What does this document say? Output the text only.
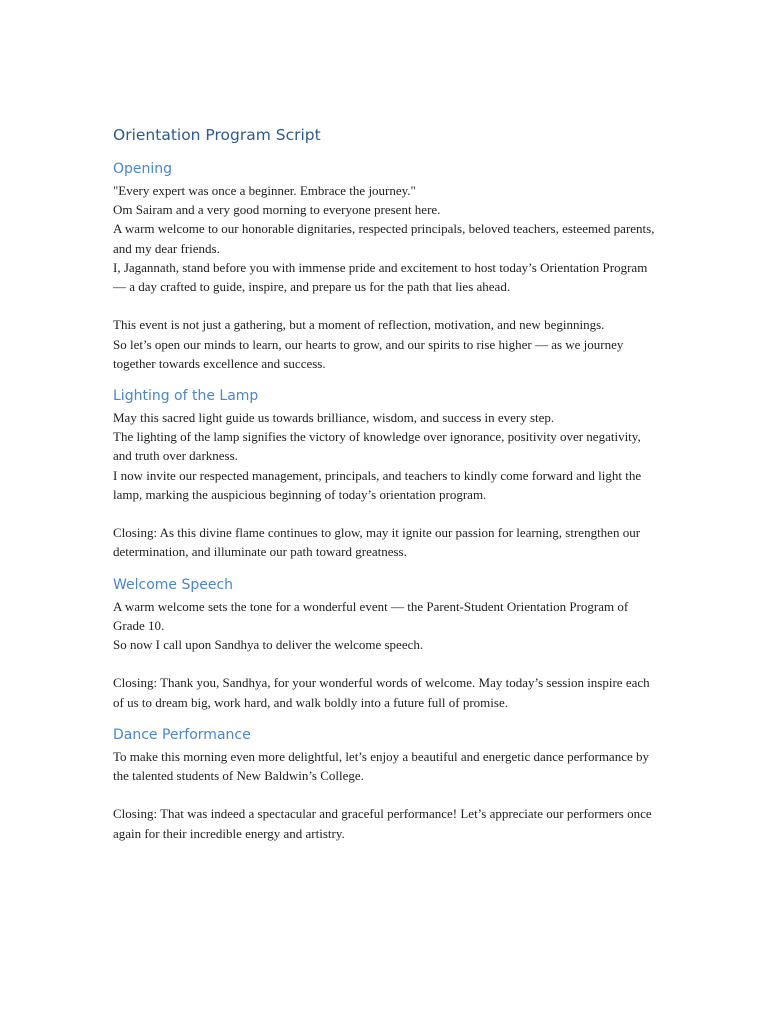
Orientation Program Script
Opening

"Every expert was once a beginner. Embrace the journey."

Om Sairam and a very good morning to everyone present here.

A warm welcome to our honorable dignitaries, respected principals, beloved teachers, esteemed parents, and my dear friends.

I, Jagannath, stand before you with immense pride and excitement to host today’s Orientation Program — a day crafted to guide, inspire, and prepare us for the path that lies ahead.

This event is not just a gathering, but a moment of reflection, motivation, and new beginnings.

So let’s open our minds to learn, our hearts to grow, and our spirits to rise higher — as we journey together towards excellence and success.

Lighting of the Lamp

May this sacred light guide us towards brilliance, wisdom, and success in every step.

The lighting of the lamp signifies the victory of knowledge over ignorance, positivity over negativity, and truth over darkness.

I now invite our respected management, principals, and teachers to kindly come forward and light the lamp, marking the auspicious beginning of today’s orientation program.

Closing: As this divine flame continues to glow, may it ignite our passion for learning, strengthen our determination, and illuminate our path toward greatness.

Welcome Speech

A warm welcome sets the tone for a wonderful event — the Parent-Student Orientation Program of Grade 10.

So now I call upon Sandhya to deliver the welcome speech.

Closing: Thank you, Sandhya, for your wonderful words of welcome. May today’s session inspire each of us to dream big, work hard, and walk boldly into a future full of promise.

Dance Performance

To make this morning even more delightful, let’s enjoy a beautiful and energetic dance performance by the talented students of New Baldwin’s College.

Closing: That was indeed a spectacular and graceful performance! Let’s appreciate our performers once again for their incredible energy and artistry.
